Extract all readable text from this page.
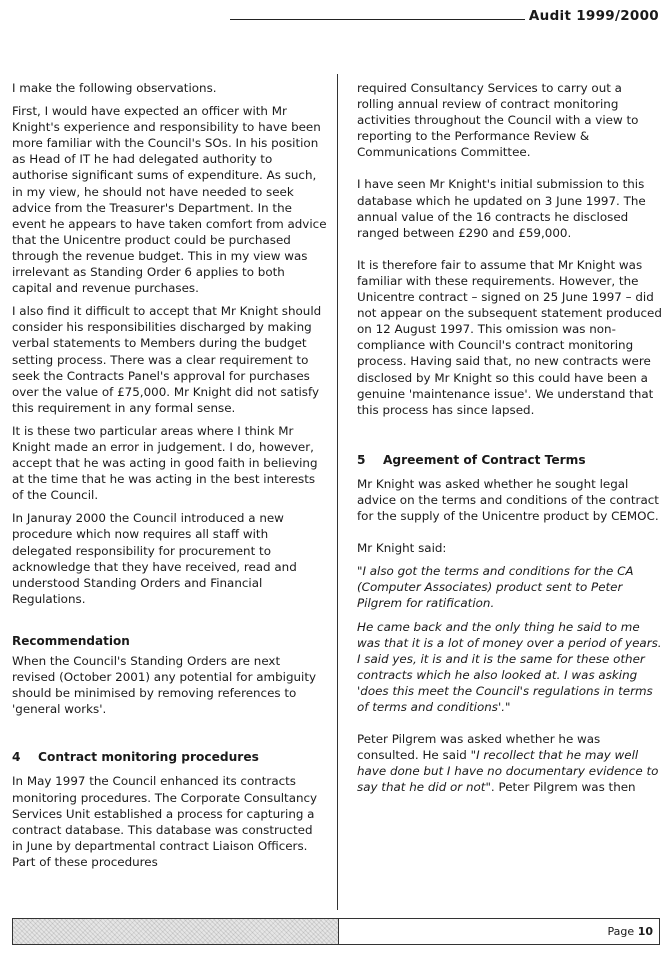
Audit 1999/2000

I make the following observations.

First, I would have expected an officer with Mr Knight's experience and responsibility to have been more familiar with the Council's SOs. In his position as Head of IT he had delegated authority to authorise significant sums of expenditure. As such, in my view, he should not have needed to seek advice from the Treasurer's Department. In the event he appears to have taken comfort from advice that the Unicentre product could be purchased through the revenue budget. This in my view was irrelevant as Standing Order 6 applies to both capital and revenue purchases.

I also find it difficult to accept that Mr Knight should consider his responsibilities discharged by making verbal statements to Members during the budget setting process. There was a clear requirement to seek the Contracts Panel's approval for purchases over the value of £75,000. Mr Knight did not satisfy this requirement in any formal sense.

It is these two particular areas where I think Mr Knight made an error in judgement. I do, however, accept that he was acting in good faith in believing at the time that he was acting in the best interests of the Council.

In Januray 2000 the Council introduced a new procedure which now requires all staff with delegated responsibility for procurement to acknowledge that they have received, read and understood Standing Orders and Financial Regulations.

Recommendation

When the Council's Standing Orders are next revised (October 2001) any potential for ambiguity should be minimised by removing references to 'general works'.

4 Contract monitoring procedures

In May 1997 the Council enhanced its contracts monitoring procedures. The Corporate Consultancy Services Unit established a process for capturing a contract database. This database was constructed in June by departmental contract Liaison Officers. Part of these procedures

required Consultancy Services to carry out a rolling annual review of contract monitoring activities throughout the Council with a view to reporting to the Performance Review & Communications Committee.

I have seen Mr Knight's initial submission to this database which he updated on 3 June 1997. The annual value of the 16 contracts he disclosed ranged between £290 and £59,000.

It is therefore fair to assume that Mr Knight was familiar with these requirements. However, the Unicentre contract – signed on 25 June 1997 – did not appear on the subsequent statement produced on 12 August 1997. This omission was non-compliance with Council's contract monitoring process. Having said that, no new contracts were disclosed by Mr Knight so this could have been a genuine 'maintenance issue'. We understand that this process has since lapsed.

5 Agreement of Contract Terms

Mr Knight was asked whether he sought legal advice on the terms and conditions of the contract for the supply of the Unicentre product by CEMOC.

Mr Knight said:

"I also got the terms and conditions for the CA (Computer Associates) product sent to Peter Pilgrem for ratification.

He came back and the only thing he said to me was that it is a lot of money over a period of years. I said yes, it is and it is the same for these other contracts which he also looked at. I was asking 'does this meet the Council's regulations in terms of terms and conditions'."

Peter Pilgrem was asked whether he was consulted. He said "I recollect that he may well have done but I have no documentary evidence to say that he did or not". Peter Pilgrem was then

Page 10
